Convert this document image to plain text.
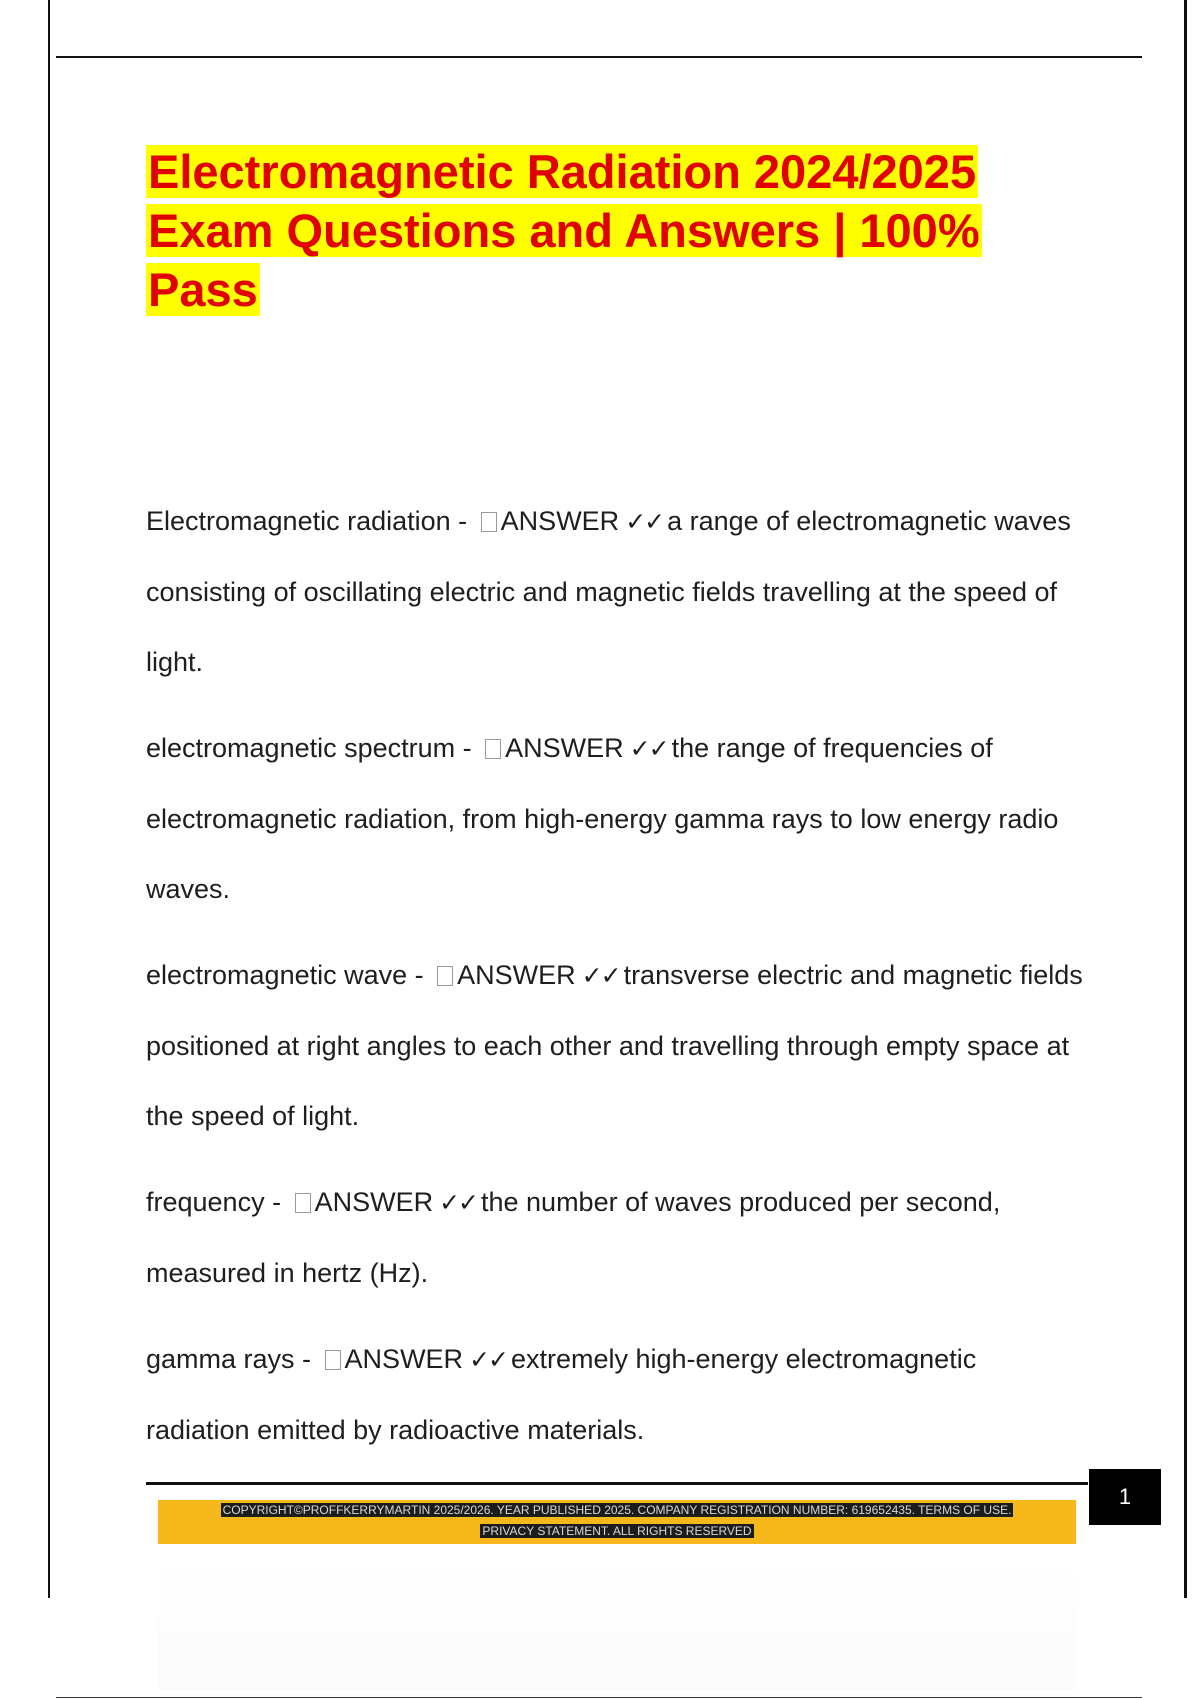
Electromagnetic Radiation 2024/2025 Exam Questions and Answers | 100% Pass

Electromagnetic radiation - ANSWER ✓✓ a range of electromagnetic waves consisting of oscillating electric and magnetic fields travelling at the speed of light.

electromagnetic spectrum - ANSWER ✓✓ the range of frequencies of electromagnetic radiation, from high-energy gamma rays to low energy radio waves.

electromagnetic wave - ANSWER ✓✓ transverse electric and magnetic fields positioned at right angles to each other and travelling through empty space at the speed of light.

frequency - ANSWER ✓✓ the number of waves produced per second, measured in hertz (Hz).

gamma rays - ANSWER ✓✓ extremely high-energy electromagnetic radiation emitted by radioactive materials.

COPYRIGHT©PROFFKERRYMARTIN 2025/2026. YEAR PUBLISHED 2025. COMPANY REGISTRATION NUMBER: 619652435. TERMS OF USE.
PRIVACY STATEMENT. ALL RIGHTS RESERVED
1
